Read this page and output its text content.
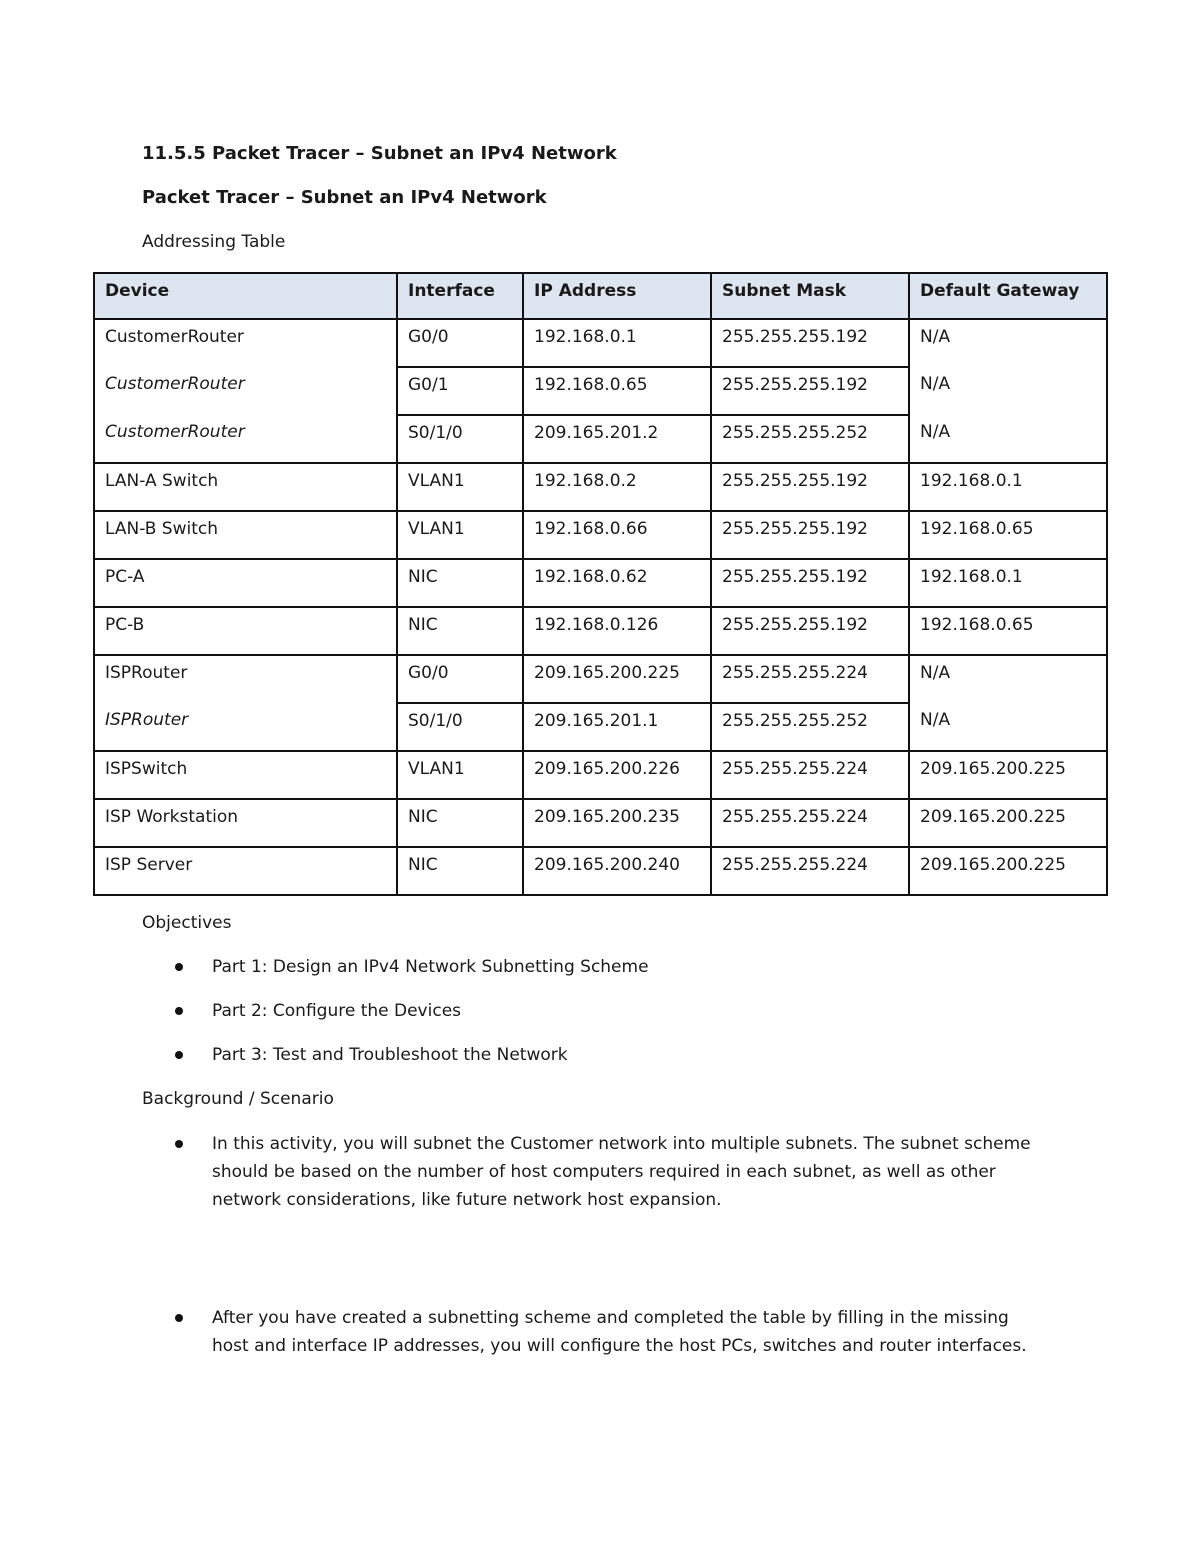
11.5.5 Packet Tracer – Subnet an IPv4 Network
Packet Tracer – Subnet an IPv4 Network
Addressing Table
Device	Interface	IP Address	Subnet Mask	Default Gateway
CustomerRouter	G0/0	192.168.0.1	255.255.255.192	N/A
CustomerRouter	G0/1	192.168.0.65	255.255.255.192	N/A
CustomerRouter	S0/1/0	209.165.201.2	255.255.255.252	N/A
LAN-A Switch	VLAN1	192.168.0.2	255.255.255.192	192.168.0.1
LAN-B Switch	VLAN1	192.168.0.66	255.255.255.192	192.168.0.65
PC-A	NIC	192.168.0.62	255.255.255.192	192.168.0.1
PC-B	NIC	192.168.0.126	255.255.255.192	192.168.0.65
ISPRouter	G0/0	209.165.200.225	255.255.255.224	N/A
ISPRouter	S0/1/0	209.165.201.1	255.255.255.252	N/A
ISPSwitch	VLAN1	209.165.200.226	255.255.255.224	209.165.200.225
ISP Workstation	NIC	209.165.200.235	255.255.255.224	209.165.200.225
ISP Server	NIC	209.165.200.240	255.255.255.224	209.165.200.225
Objectives
Part 1: Design an IPv4 Network Subnetting Scheme
Part 2: Configure the Devices
Part 3: Test and Troubleshoot the Network
Background / Scenario
In this activity, you will subnet the Customer network into multiple subnets. The subnet scheme should be based on the number of host computers required in each subnet, as well as other network considerations, like future network host expansion.
After you have created a subnetting scheme and completed the table by filling in the missing host and interface IP addresses, you will configure the host PCs, switches and router interfaces.
